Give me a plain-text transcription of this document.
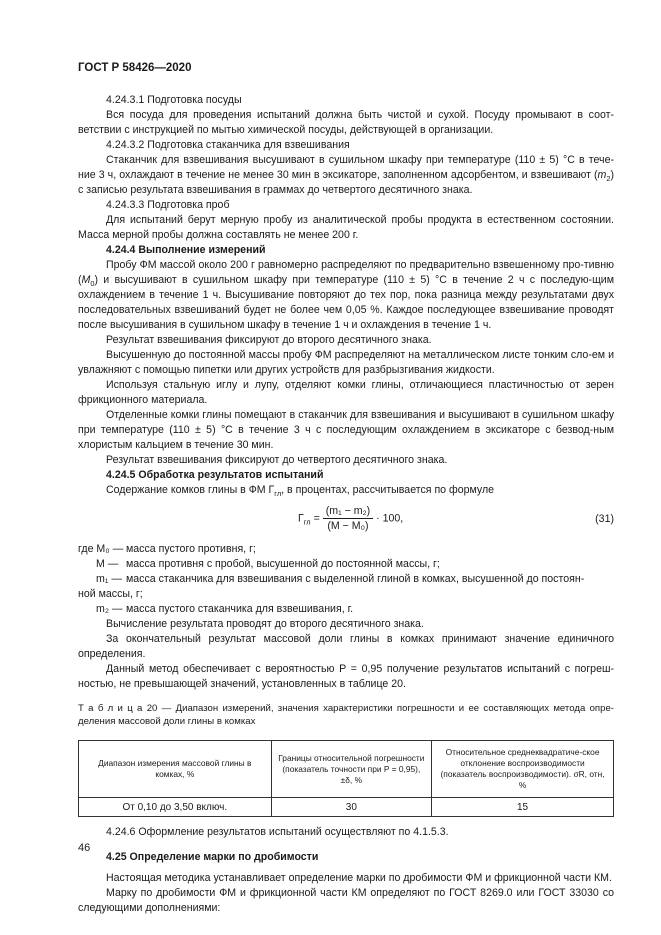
ГОСТ Р 58426—2020

4.24.3.1 Подготовка посуды

Вся посуда для проведения испытаний должна быть чистой и сухой. Посуду промывают в соот-ветствии с инструкцией по мытью химической посуды, действующей в организации.

4.24.3.2 Подготовка стаканчика для взвешивания

Стаканчик для взвешивания высушивают в сушильном шкафу при температуре (110 ± 5) °С в тече-ние 3 ч, охлаждают в течение не менее 30 мин в эксикаторе, заполненном адсорбентом, и взвешивают $(m_2)$ с записью результата взвешивания в граммах до четвертого десятичного знака.

4.24.3.3 Подготовка проб

Для испытаний берут мерную пробу из аналитической пробы продукта в естественном состоянии. Масса мерной пробы должна составлять не менее 200 г.

4.24.4 Выполнение измерений

Пробу ФМ массой около 200 г равномерно распределяют по предварительно взвешенному про-тивню $(M_0)$ и высушивают в сушильном шкафу при температуре (110 ± 5) °С в течение 2 ч с последую-щим охлаждением в течение 1 ч. Высушивание повторяют до тех пор, пока разница между результатами двух последовательных взвешиваний будет не более чем 0,05 %. Каждое последующее взвешивание проводят после высушивания в сушильном шкафу в течение 1 ч и охлаждения в течение 1 ч.

Результат взвешивания фиксируют до второго десятичного знака.

Высушенную до постоянной массы пробу ФМ распределяют на металлическом листе тонким сло-ем и увлажняют с помощью пипетки или других устройств для разбрызгивания жидкости.

Используя стальную иглу и лупу, отделяют комки глины, отличающиеся пластичностью от зерен фрикционного материала.

Отделенные комки глины помещают в стаканчик для взвешивания и высушивают в сушильном шкафу при температуре (110 ± 5) °С в течение 3 ч с последующим охлаждением в эксикаторе с безвод-ным хлористым кальцием в течение 30 мин.

Результат взвешивания фиксируют до четвертого десятичного знака.

4.24.5 Обработка результатов испытаний

Содержание комков глины в ФМ $Г_{гл}$, в процентах, рассчитывается по формуле

$Г_{гл} = \frac{\text{(m₁ − m₂)}}{\text{(M − M₀)}} \cdot 100$,	(31)
где M₀ — масса пустого противня, г;
M — масса противня с пробой, высушенной до постоянной массы, г;
m₁ — масса стаканчика для взвешивания с выделенной глиной в комках, высушенной до постоян-
ной массы, г;
m₂ — масса пустого стаканчика для взвешивания, г.

Вычисление результата проводят до второго десятичного знака.

За окончательный результат массовой доли глины в комках принимают значение единичного определения.

Данный метод обеспечивает с вероятностью P = 0,95 получение результатов испытаний с погреш-ностью, не превышающей значений, установленных в таблице 20.

Т а б л и ц а 20 — Диапазон измерений, значения характеристики погрешности и ее составляющих метода опре-деления массовой доли глины в комках

Диапазон измерения массовой глины в комках, %	Границы относительной погрешности (показатель точности при P = 0,95), ±δ, %	Относительное среднеквадратиче-ское отклонение воспроизводимости (показатель воспроизводимости). σR, отн, %
От 0,10 до 3,50 включ.	30	15

4.24.6 Оформление результатов испытаний осуществляют по 4.1.5.3.

4.25 Определение марки по дробимости

Настоящая методика устанавливает определение марки по дробимости ФМ и фрикционной части КМ.

Марку по дробимости ФМ и фрикционной части КМ определяют по ГОСТ 8269.0 или ГОСТ 33030 со следующими дополнениями:

46
